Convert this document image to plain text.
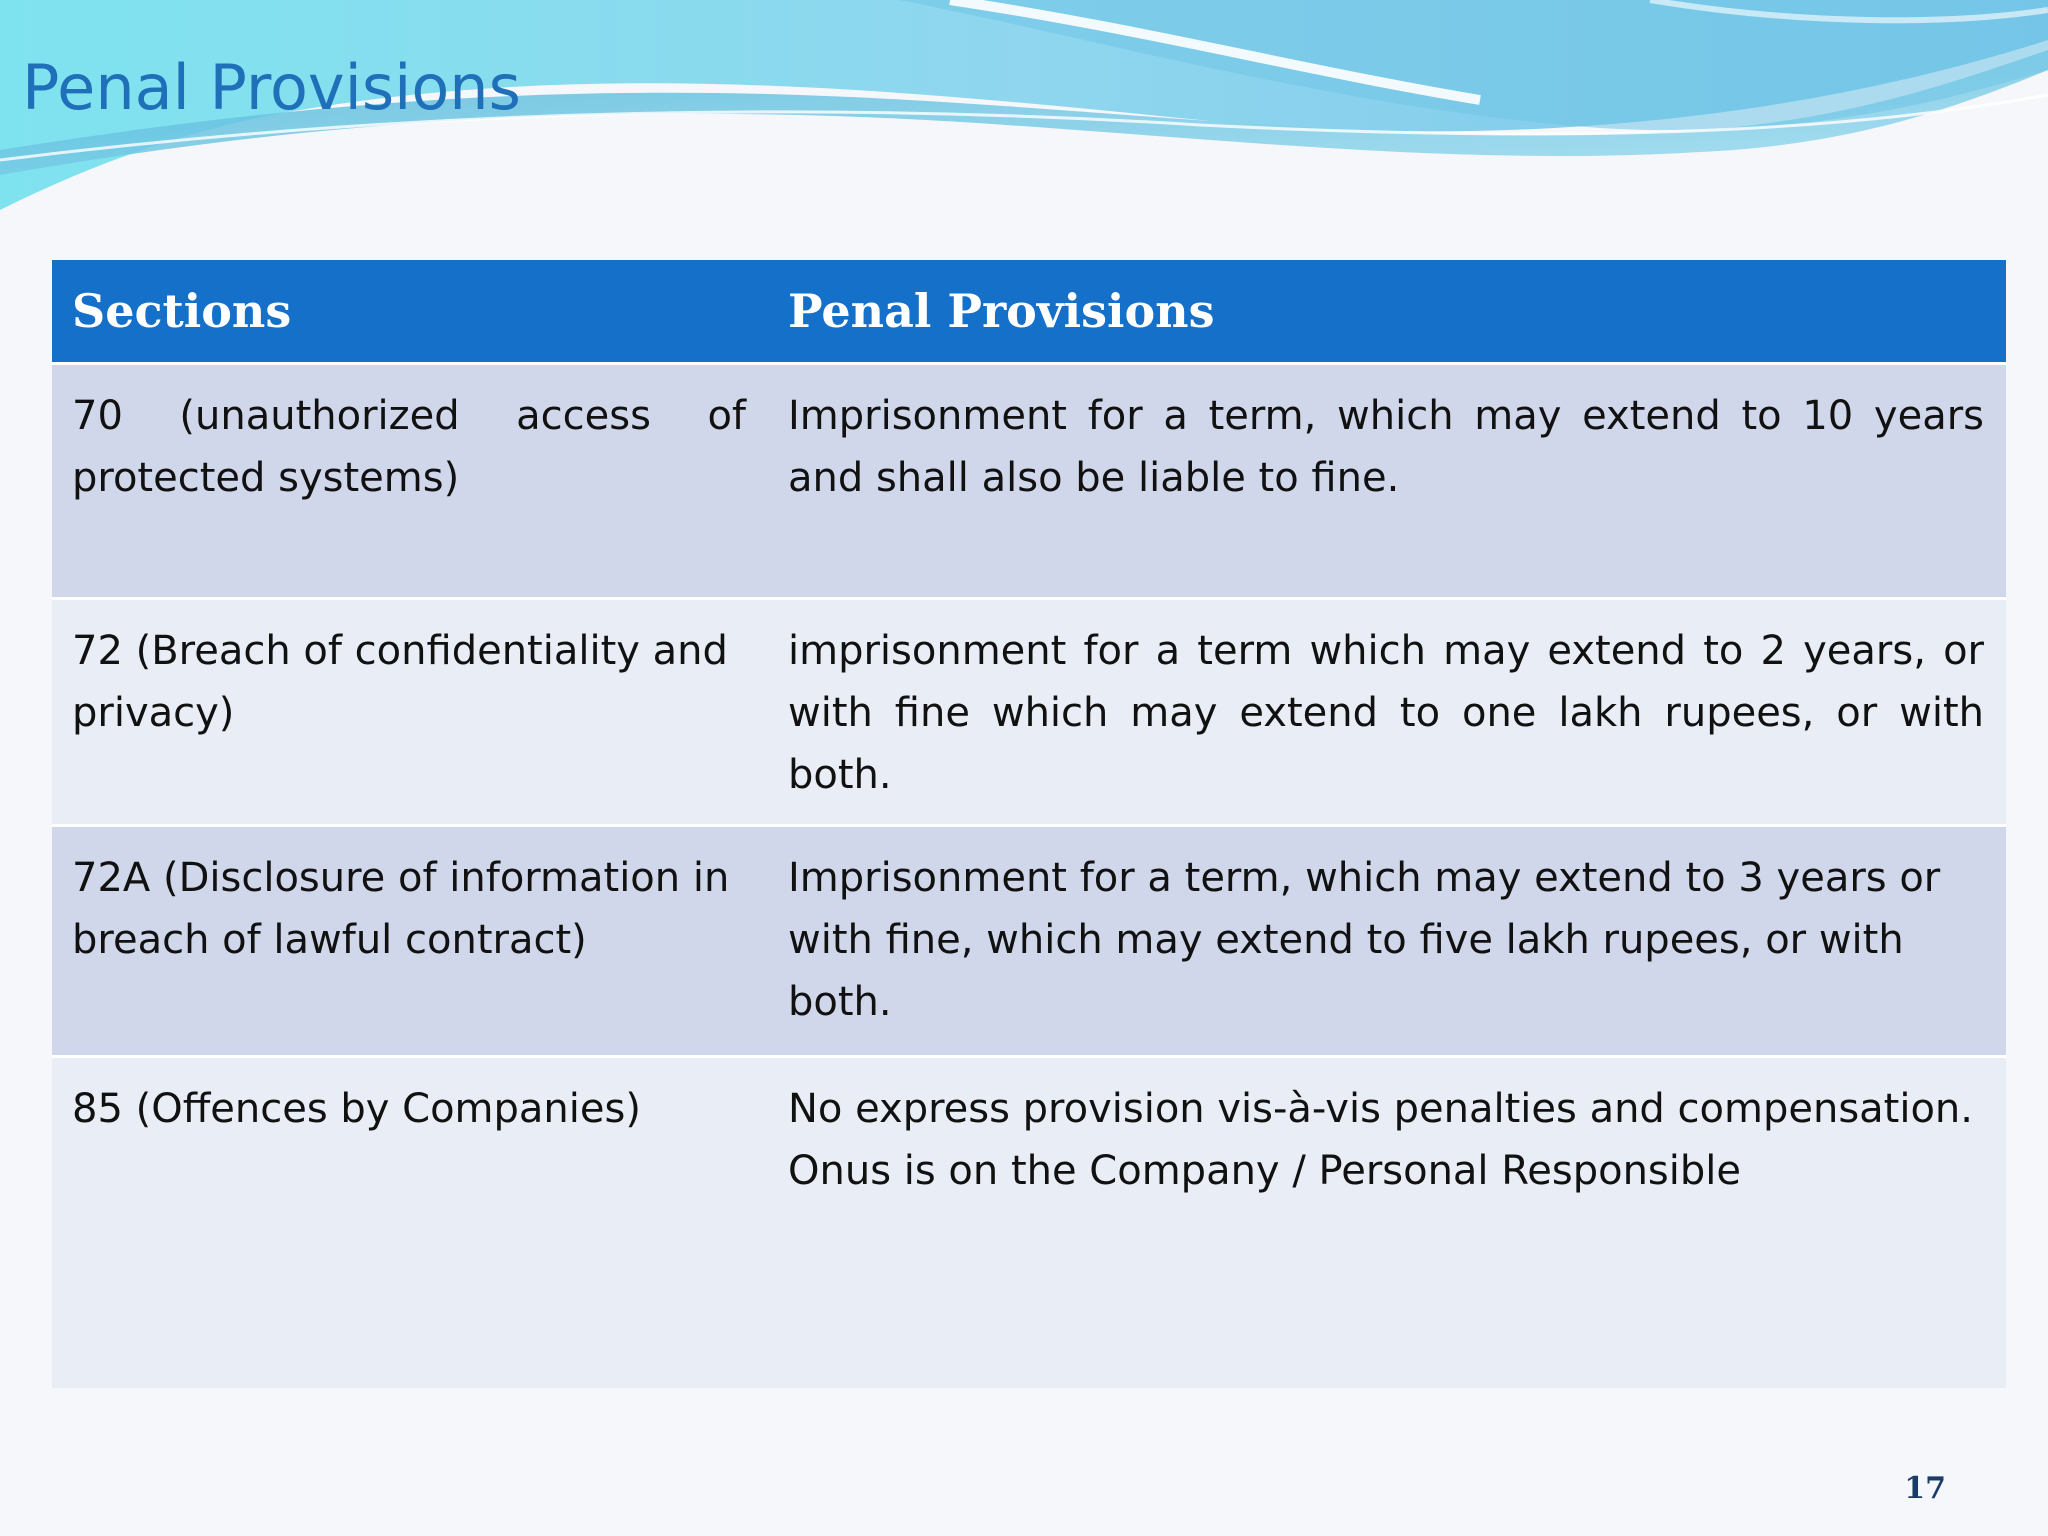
Penal Provisions
Sections	Penal Provisions
70 (unauthorized access of protected systems)	Imprisonment for a term, which may extend to 10 years and shall also be liable to fine.

72 (Breach of confidentiality and privacy)	imprisonment for a term which may extend to 2 years, or with fine which may extend to one lakh rupees, or with both.

72A (Disclosure of information in breach of lawful contract)	Imprisonment for a term, which may extend to 3 years or with fine, which may extend to five lakh rupees, or with both.

85 (Offences by Companies)	No express provision vis-à-vis penalties and compensation.
Onus is on the Company / Personal Responsible
17
